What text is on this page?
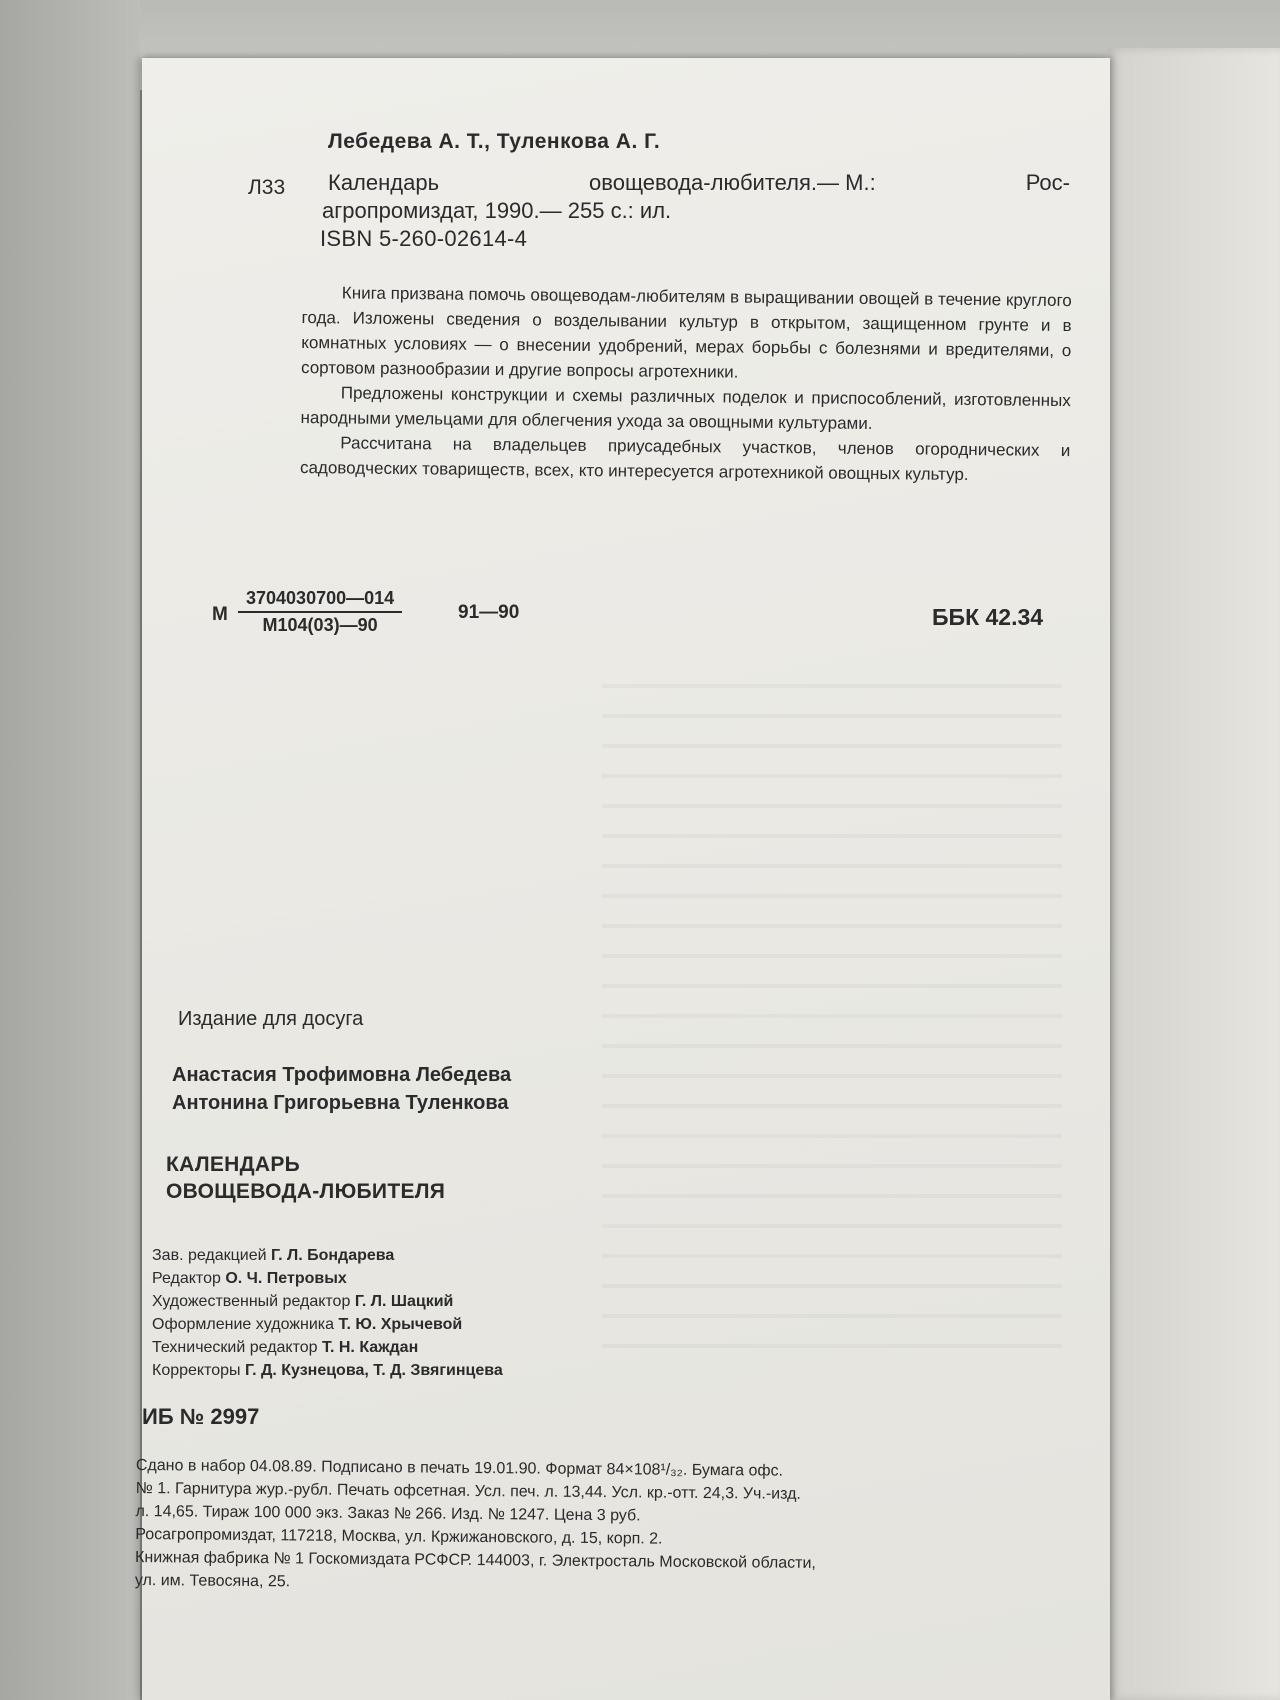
Лебедева А. Т., Туленкова А. Г.
Л33 Календарь	овощевода-любителя.— М.:	Рос-
агропромиздат, 1990.— 255 с.: ил.
ISBN 5-260-02614-4

Книга призвана помочь овощеводам-любителям в выращивании овощей в течение круглого года. Изложены сведения о возделывании культур в открытом, защищенном грунте и в комнатных условиях — о внесении удобрений, мерах борьбы с болезнями и вредителями, о сортовом разнообразии и другие вопросы агротехники.

Предложены конструкции и схемы различных поделок и приспособлений, изготовленных народными умельцами для облегчения ухода за овощными культурами.

Рассчитана на владельцев приусадебных участков, членов огороднических и садоводческих товариществ, всех, кто интересуется агротехникой овощных культур.

М
3704030700—014
М104(03)—90
91—90	ББК 42.34
Издание для досуга
Анастасия Трофимовна Лебедева
Антонина Григорьевна Туленкова
КАЛЕНДАРЬ
ОВОЩЕВОДА-ЛЮБИТЕЛЯ
Зав. редакцией Г. Л. Бондарева
Редактор О. Ч. Петровых
Художественный редактор Г. Л. Шацкий
Оформление художника Т. Ю. Хрычевой
Технический редактор Т. Н. Каждан
Корректоры Г. Д. Кузнецова, Т. Д. Звягинцева
ИБ № 2997
Сдано в набор 04.08.89. Подписано в печать 19.01.90. Формат 84×108¹/₃₂. Бумага офс.
№ 1. Гарнитура жур.-рубл. Печать офсетная. Усл. печ. л. 13,44. Усл. кр.-отт. 24,3. Уч.-изд.
л. 14,65. Тираж 100 000 экз. Заказ № 266. Изд. № 1247. Цена 3 руб.
Росагропромиздат, 117218, Москва, ул. Кржижановского, д. 15, корп. 2.
Книжная фабрика № 1 Госкомиздата РСФСР. 144003, г. Электросталь Московской области,
ул. им. Тевосяна, 25.
